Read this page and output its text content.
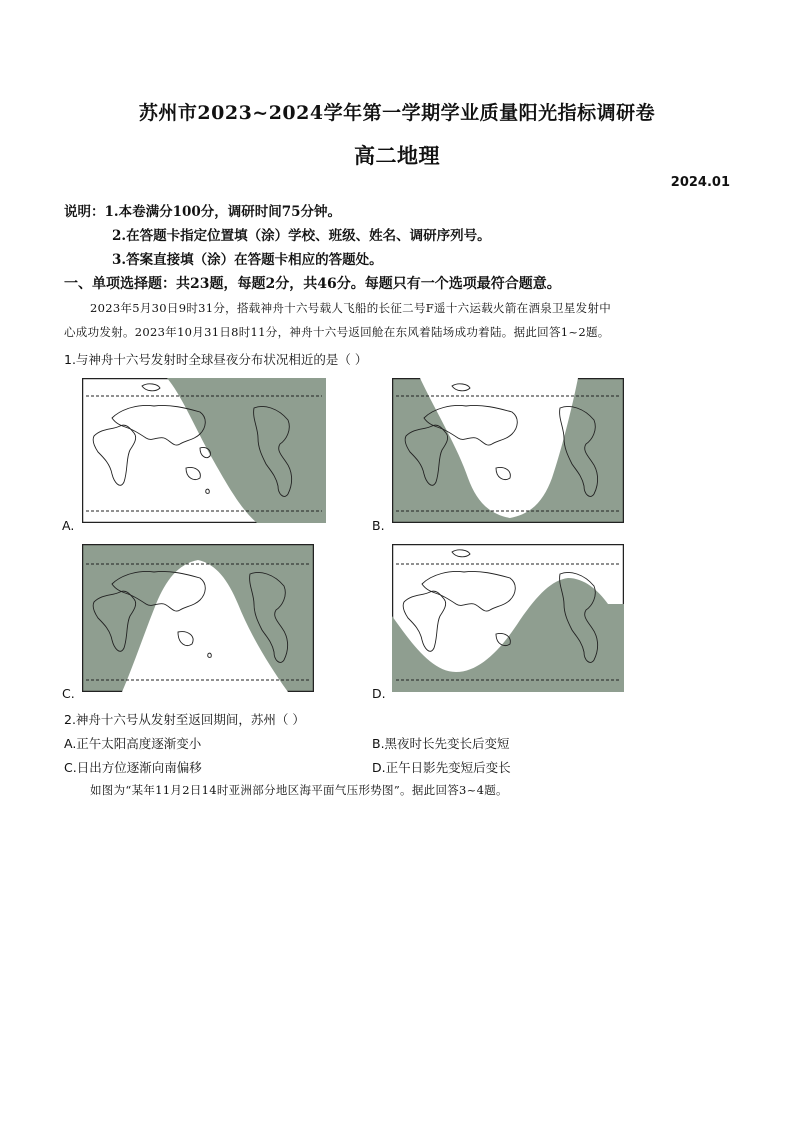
苏州市2023~2024学年第一学期学业质量阳光指标调研卷
高二地理
2024.01
说明：1.本卷满分100分，调研时间75分钟。
2.在答题卡指定位置填（涂）学校、班级、姓名、调研序列号。
3.答案直接填（涂）在答题卡相应的答题处。
一、单项选择题：共23题，每题2分，共46分。每题只有一个选项最符合题意。
2023年5月30日9时31分，搭载神舟十六号载人飞船的长征二号F遥十六运载火箭在酒泉卫星发射中
心成功发射。2023年10月31日8时11分，神舟十六号返回舱在东风着陆场成功着陆。据此回答1~2题。
1.与神舟十六号发射时全球昼夜分布状况相近的是（ ）
A.	B.
C.	D.
2.神舟十六号从发射至返回期间，苏州（ ）
A.正午太阳高度逐渐变小	B.黑夜时长先变长后变短
C.日出方位逐渐向南偏移	D.正午日影先变短后变长
如图为“某年11月2日14时亚洲部分地区海平面气压形势图”。据此回答3~4题。
